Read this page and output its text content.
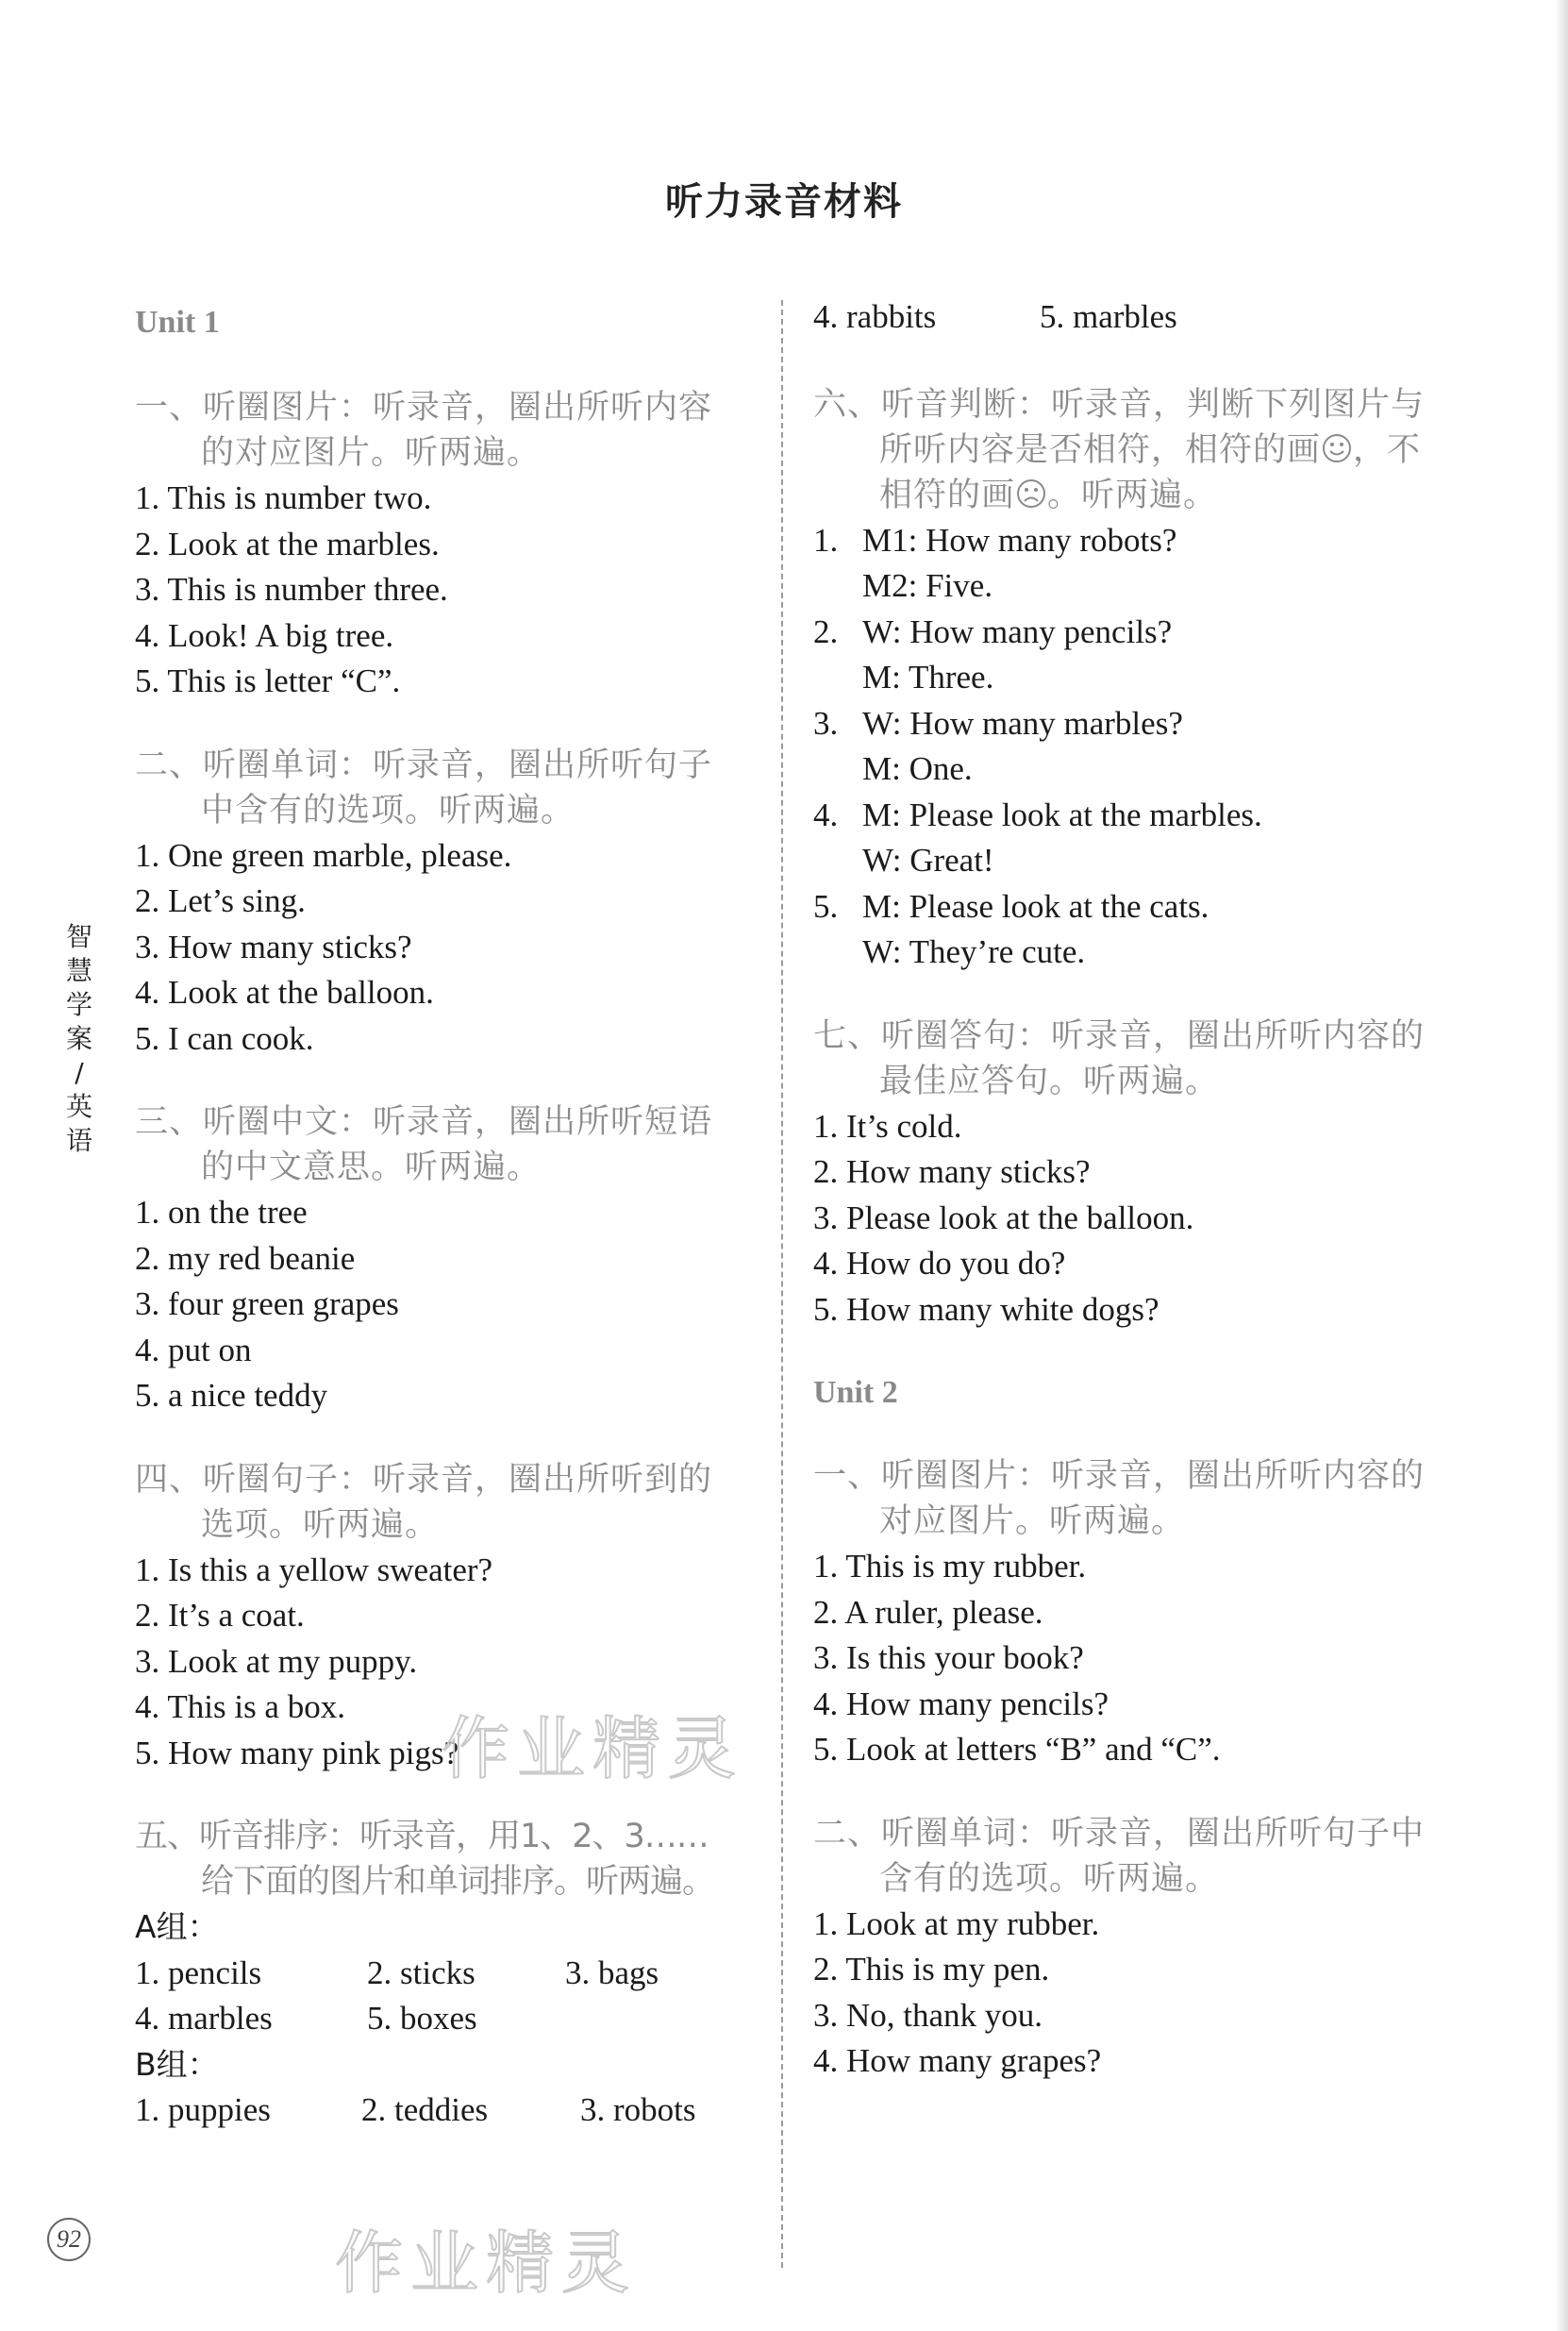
听力录音材料
Unit 1

一、听圈图片：听录音，圈出所听内容的对应图片。听两遍。

1. This is number two.

2. Look at the marbles.

3. This is number three.

4. Look! A big tree.

5. This is letter “C”.

二、听圈单词：听录音，圈出所听句子中含有的选项。听两遍。

1. One green marble, please.

2. Let’s sing.

3. How many sticks?

4. Look at the balloon.

5. I can cook.

三、听圈中文：听录音，圈出所听短语的中文意思。听两遍。

1. on the tree

2. my red beanie

3. four green grapes

4. put on

5. a nice teddy

四、听圈句子：听录音，圈出所听到的选项。听两遍。

1. Is this a yellow sweater?

2. It’s a coat.

3. Look at my puppy.

4. This is a box.

5. How many pink pigs?

五、听音排序：听录音，用1、2、3……给下面的图片和单词排序。听两遍。

A组：

1. pencils	2. sticks	3. bags
4. marbles	5. boxes

B组：

1. puppies	2. teddies	3. robots
4. rabbits	5. marbles

六、听音判断：听录音，判断下列图片与所听内容是否相符，相符的画 ，不相符的画 。听两遍。

1. M1: How many robots?

M2: Five.

2. W: How many pencils?

M: Three.

3. W: How many marbles?

M: One.

4. M: Please look at the marbles.

W: Great!

5. M: Please look at the cats.

W: They’re cute.

七、听圈答句：听录音，圈出所听内容的最佳应答句。听两遍。

1. It’s cold.

2. How many sticks?

3. Please look at the balloon.

4. How do you do?

5. How many white dogs?

Unit 2

一、听圈图片：听录音，圈出所听内容的对应图片。听两遍。

1. This is my rubber.

2. A ruler, please.

3. Is this your book?

4. How many pencils?

5. Look at letters “B” and “C”.

二、听圈单词：听录音，圈出所听句子中含有的选项。听两遍。

1. Look at my rubber.

2. This is my pen.

3. No, thank you.

4. How many grapes?

智
慧
学
案
/
英
语
92
作业精灵
作业精灵
